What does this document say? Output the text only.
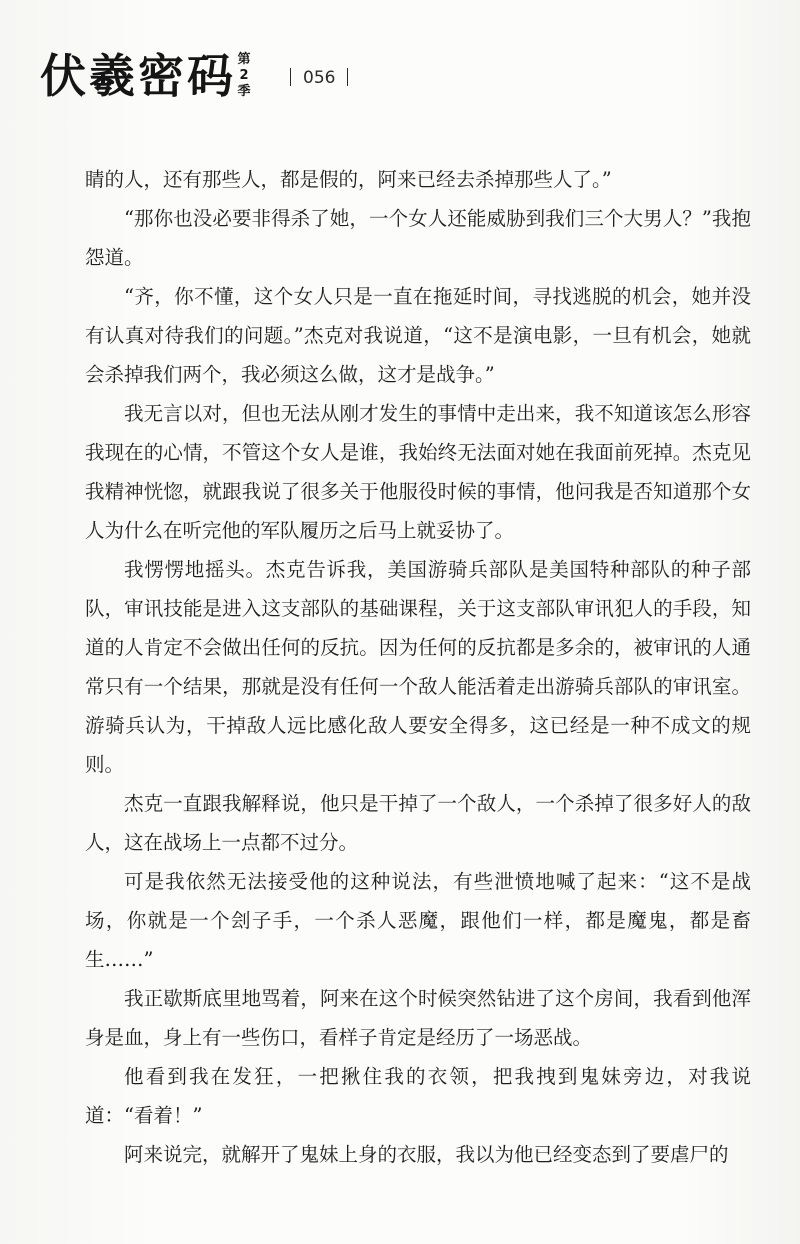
伏羲密码 第2
季
056

睛的人，还有那些人，都是假的，阿来已经去杀掉那些人了。”

“那你也没必要非得杀了她，一个女人还能威胁到我们三个大男人？”我抱怨道。

“齐，你不懂，这个女人只是一直在拖延时间，寻找逃脱的机会，她并没有认真对待我们的问题。”杰克对我说道，“这不是演电影，一旦有机会，她就会杀掉我们两个，我必须这么做，这才是战争。”

我无言以对，但也无法从刚才发生的事情中走出来，我不知道该怎么形容我现在的心情，不管这个女人是谁，我始终无法面对她在我面前死掉。杰克见我精神恍惚，就跟我说了很多关于他服役时候的事情，他问我是否知道那个女人为什么在听完他的军队履历之后马上就妥协了。

我愣愣地摇头。杰克告诉我，美国游骑兵部队是美国特种部队的种子部队，审讯技能是进入这支部队的基础课程，关于这支部队审讯犯人的手段，知道的人肯定不会做出任何的反抗。因为任何的反抗都是多余的，被审讯的人通常只有一个结果，那就是没有任何一个敌人能活着走出游骑兵部队的审讯室。游骑兵认为，干掉敌人远比感化敌人要安全得多，这已经是一种不成文的规则。

杰克一直跟我解释说，他只是干掉了一个敌人，一个杀掉了很多好人的敌人，这在战场上一点都不过分。

可是我依然无法接受他的这种说法，有些泄愤地喊了起来：“这不是战场，你就是一个刽子手，一个杀人恶魔，跟他们一样，都是魔鬼，都是畜生……”

我正歇斯底里地骂着，阿来在这个时候突然钻进了这个房间，我看到他浑身是血，身上有一些伤口，看样子肯定是经历了一场恶战。

他看到我在发狂，一把揪住我的衣领，把我拽到鬼妹旁边，对我说道：“看着！”

阿来说完，就解开了鬼妹上身的衣服，我以为他已经变态到了要虐尸的
